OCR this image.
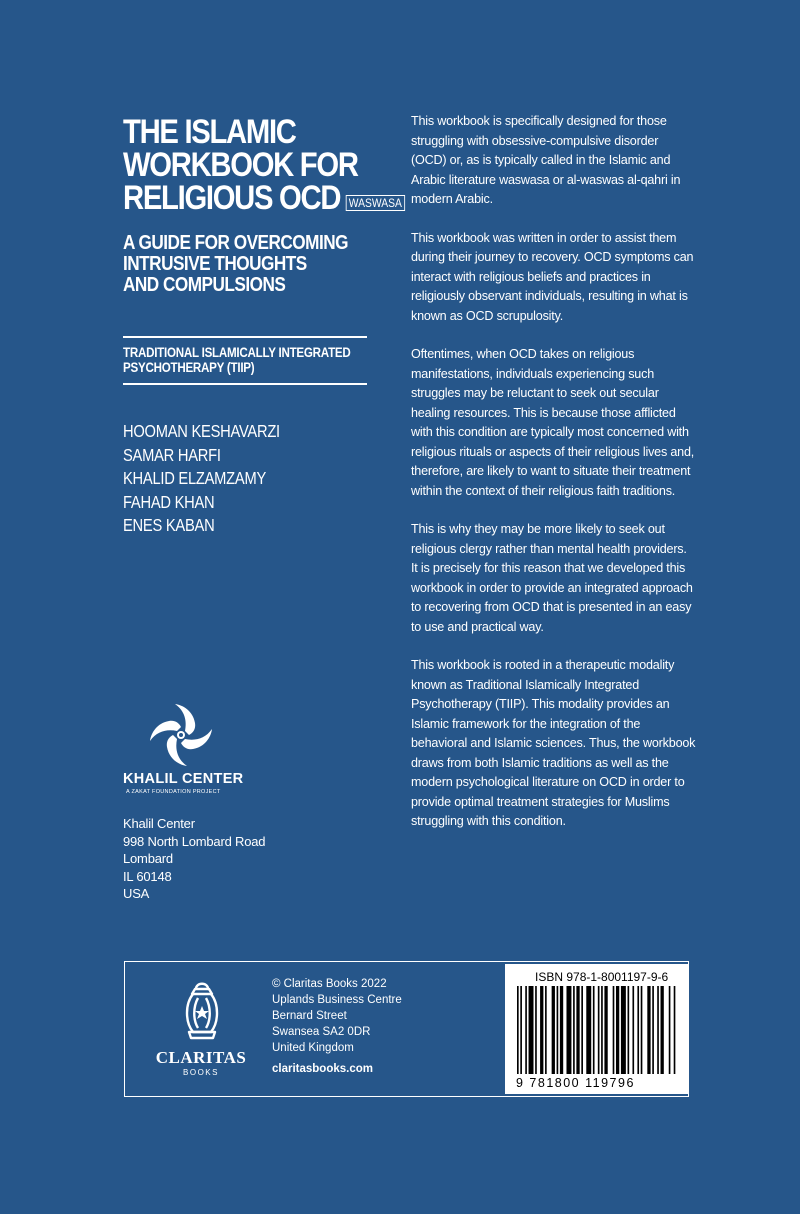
THE ISLAMIC
WORKBOOK FOR
RELIGIOUS OCD WASWASA
A GUIDE FOR OVERCOMING
INTRUSIVE THOUGHTS
AND COMPULSIONS
TRADITIONAL ISLAMICALLY INTEGRATED
PSYCHOTHERAPY (TIIP)
HOOMAN KESHAVARZI
SAMAR HARFI
KHALID ELZAMZAMY
FAHAD KHAN
ENES KABAN
KHALIL CENTER
A ZAKAT FOUNDATION PROJECT
Khalil Center
998 North Lombard Road
Lombard
IL 60148
USA

This workbook is specifically designed for those struggling with obsessive-compulsive disorder (OCD) or, as is typically called in the Islamic and Arabic literature waswasa or al-waswas al-qahri in modern Arabic.

This workbook was written in order to assist them during their journey to recovery. OCD symptoms can interact with religious beliefs and practices in religiously observant individuals, resulting in what is known as OCD scrupulosity.

Oftentimes, when OCD takes on religious manifestations, individuals experiencing such struggles may be reluctant to seek out secular healing resources. This is because those afflicted with this condition are typically most concerned with religious rituals or aspects of their religious lives and, therefore, are likely to want to situate their treatment within the context of their religious faith traditions.

This is why they may be more likely to seek out religious clergy rather than mental health providers. It is precisely for this reason that we developed this workbook in order to provide an integrated approach to recovering from OCD that is presented in an easy to use and practical way.

This workbook is rooted in a therapeutic modality known as Traditional Islamically Integrated Psychotherapy (TIIP). This modality provides an Islamic framework for the integration of the behavioral and Islamic sciences. Thus, the workbook draws from both Islamic traditions as well as the modern psychological literature on OCD in order to provide optimal treatment strategies for Muslims struggling with this condition.

CLARITAS
BOOKS
© Claritas Books 2022
Uplands Business Centre
Bernard Street
Swansea SA2 0DR
United Kingdom
claritasbooks.com
ISBN 978-1-8001197-9-6
9 781800 119796
